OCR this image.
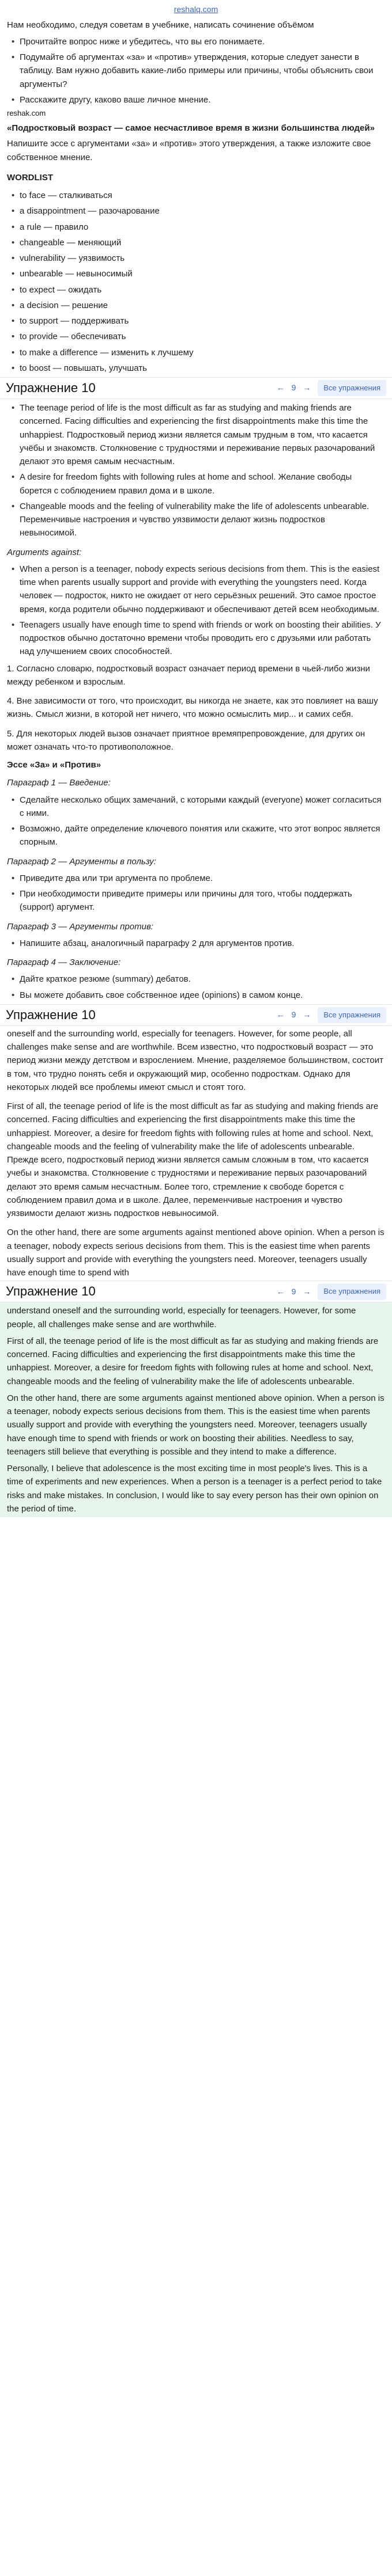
reshalq.com
Нам необходимо, следуя советам в учебнике, написать сочинение объёмом
• Прочитайте вопрос ниже и убедитесь, что вы его понимаете.
• Подумайте об аргументах «за» и «против» утверждения, которые следует занести в таблицу. Вам нужно добавить какие-либо примеры или причины, чтобы объяснить свои аргументы?
• Расскажите другу, каково ваше личное мнение.
reshak.com
«Подростковый возраст — самое несчастливое время в жизни большинства людей»
Напишите эссе с аргументами «за» и «против» этого утверждения, а также изложите свое собственное мнение.
WORDLIST
• to face — сталкиваться
• a disappointment — разочарование
• a rule — правило
• changeable — меняющий
• vulnerability — уязвимость
• unbearable — невыносимый
• to expect — ожидать
• a decision — решение
• to support — поддерживать
• to provide — обеспечивать
• to make a difference — изменить к лучшему
• to boost — повышать, улучшать
Упражнение 10	← 9 →	Все упражнения
• The teenage period of life is the most difficult as far as studying and making friends are concerned. Facing difficulties and experiencing the first disappointments make this time the unhappiest. Подростковый период жизни является самым трудным в том, что касается учёбы и знакомств. Столкновение с трудностями и переживание первых разочарований делают это время самым несчастным.
• A desire for freedom fights with following rules at home and school. Желание свободы борется с соблюдением правил дома и в школе.
• Changeable moods and the feeling of vulnerability make the life of adolescents unbearable. Переменчивые настроения и чувство уязвимости делают жизнь подростков невыносимой.
Arguments against:
• When a person is a teenager, nobody expects serious decisions from them. This is the easiest time when parents usually support and provide with everything the youngsters need. Когда человек — подросток, никто не ожидает от него серьёзных решений. Это самое простое время, когда родители обычно поддерживают и обеспечивают детей всем необходимым.
• Teenagers usually have enough time to spend with friends or work on boosting their abilities. У подростков обычно достаточно времени чтобы проводить его с друзьями или работать над улучшением своих способностей.
1. Согласно словарю, подростковый возраст означает период времени в чьей-либо жизни между ребенком и взрослым.
4. Вне зависимости от того, что происходит, вы никогда не знаете, как это повлияет на вашу жизнь. Смысл жизни, в которой нет ничего, что можно осмыслить мир... и самих себя.
5. Для некоторых людей вызов означает приятное времяпрепровождение, для других он может означать что-то противоположное.
Эссе «За» и «Против»
Параграф 1 — Введение:
• Сделайте несколько общих замечаний, с которыми каждый (everyone) может согласиться с ними.
• Возможно, дайте определение ключевого понятия или скажите, что этот вопрос является спорным.
Параграф 2 — Аргументы в пользу:
• Приведите два или три аргумента по проблеме.
• При необходимости приведите примеры или причины для того, чтобы поддержать (support) аргумент.
Параграф 3 — Аргументы против:
• Напишите абзац, аналогичный параграфу 2 для аргументов против.
Параграф 4 — Заключение:
• Дайте краткое резюме (summary) дебатов.
• Вы можете добавить свое собственное идее (opinions) в самом конце.
Упражнение 10	← 9 →	Все упражнения
oneself and the surrounding world, especially for teenagers. However, for some people, all challenges make sense and are worthwhile. Всем известно, что подростковый возраст — это период жизни между детством и взрослением. Мнение, разделяемое большинством, состоит в том, что трудно понять себя и окружающий мир, особенно подросткам. Однако для некоторых людей все проблемы имеют смысл и стоят того.
First of all, the teenage period of life is the most difficult as far as studying and making friends are concerned. Facing difficulties and experiencing the first disappointments make this time the unhappiest. Moreover, a desire for freedom fights with following rules at home and school. Next, changeable moods and the feeling of vulnerability make the life of adolescents unbearable. Прежде всего, подростковый период жизни является самым сложным в том, что касается учебы и знакомства. Столкновение с трудностями и переживание первых разочарований делают это время самым несчастным. Более того, стремление к свободе борется с соблюдением правил дома и в школе. Далее, переменчивые настроения и чувство уязвимости делают жизнь подростков невыносимой.
On the other hand, there are some arguments against mentioned above opinion. When a person is a teenager, nobody expects serious decisions from them. This is the easiest time when parents usually support and provide with everything the youngsters need. Moreover, teenagers usually have enough time to spend with
Упражнение 10	← 9 →	Все упражнения
understand oneself and the surrounding world, especially for teenagers. However, for some people, all challenges make sense and are worthwhile.
First of all, the teenage period of life is the most difficult as far as studying and making friends are concerned. Facing difficulties and experiencing the first disappointments make this time the unhappiest. Moreover, a desire for freedom fights with following rules at home and school. Next, changeable moods and the feeling of vulnerability make the life of adolescents unbearable.
On the other hand, there are some arguments against mentioned above opinion. When a person is a teenager, nobody expects serious decisions from them. This is the easiest time when parents usually support and provide with everything the youngsters need. Moreover, teenagers usually have enough time to spend with friends or work on boosting their abilities. Needless to say, teenagers still believe that everything is possible and they intend to make a difference.
Personally, I believe that adolescence is the most exciting time in most people's lives. This is a time of experiments and new experiences. When a person is a teenager is a perfect period to take risks and make mistakes. In conclusion, I would like to say every person has their own opinion on the period of time.
